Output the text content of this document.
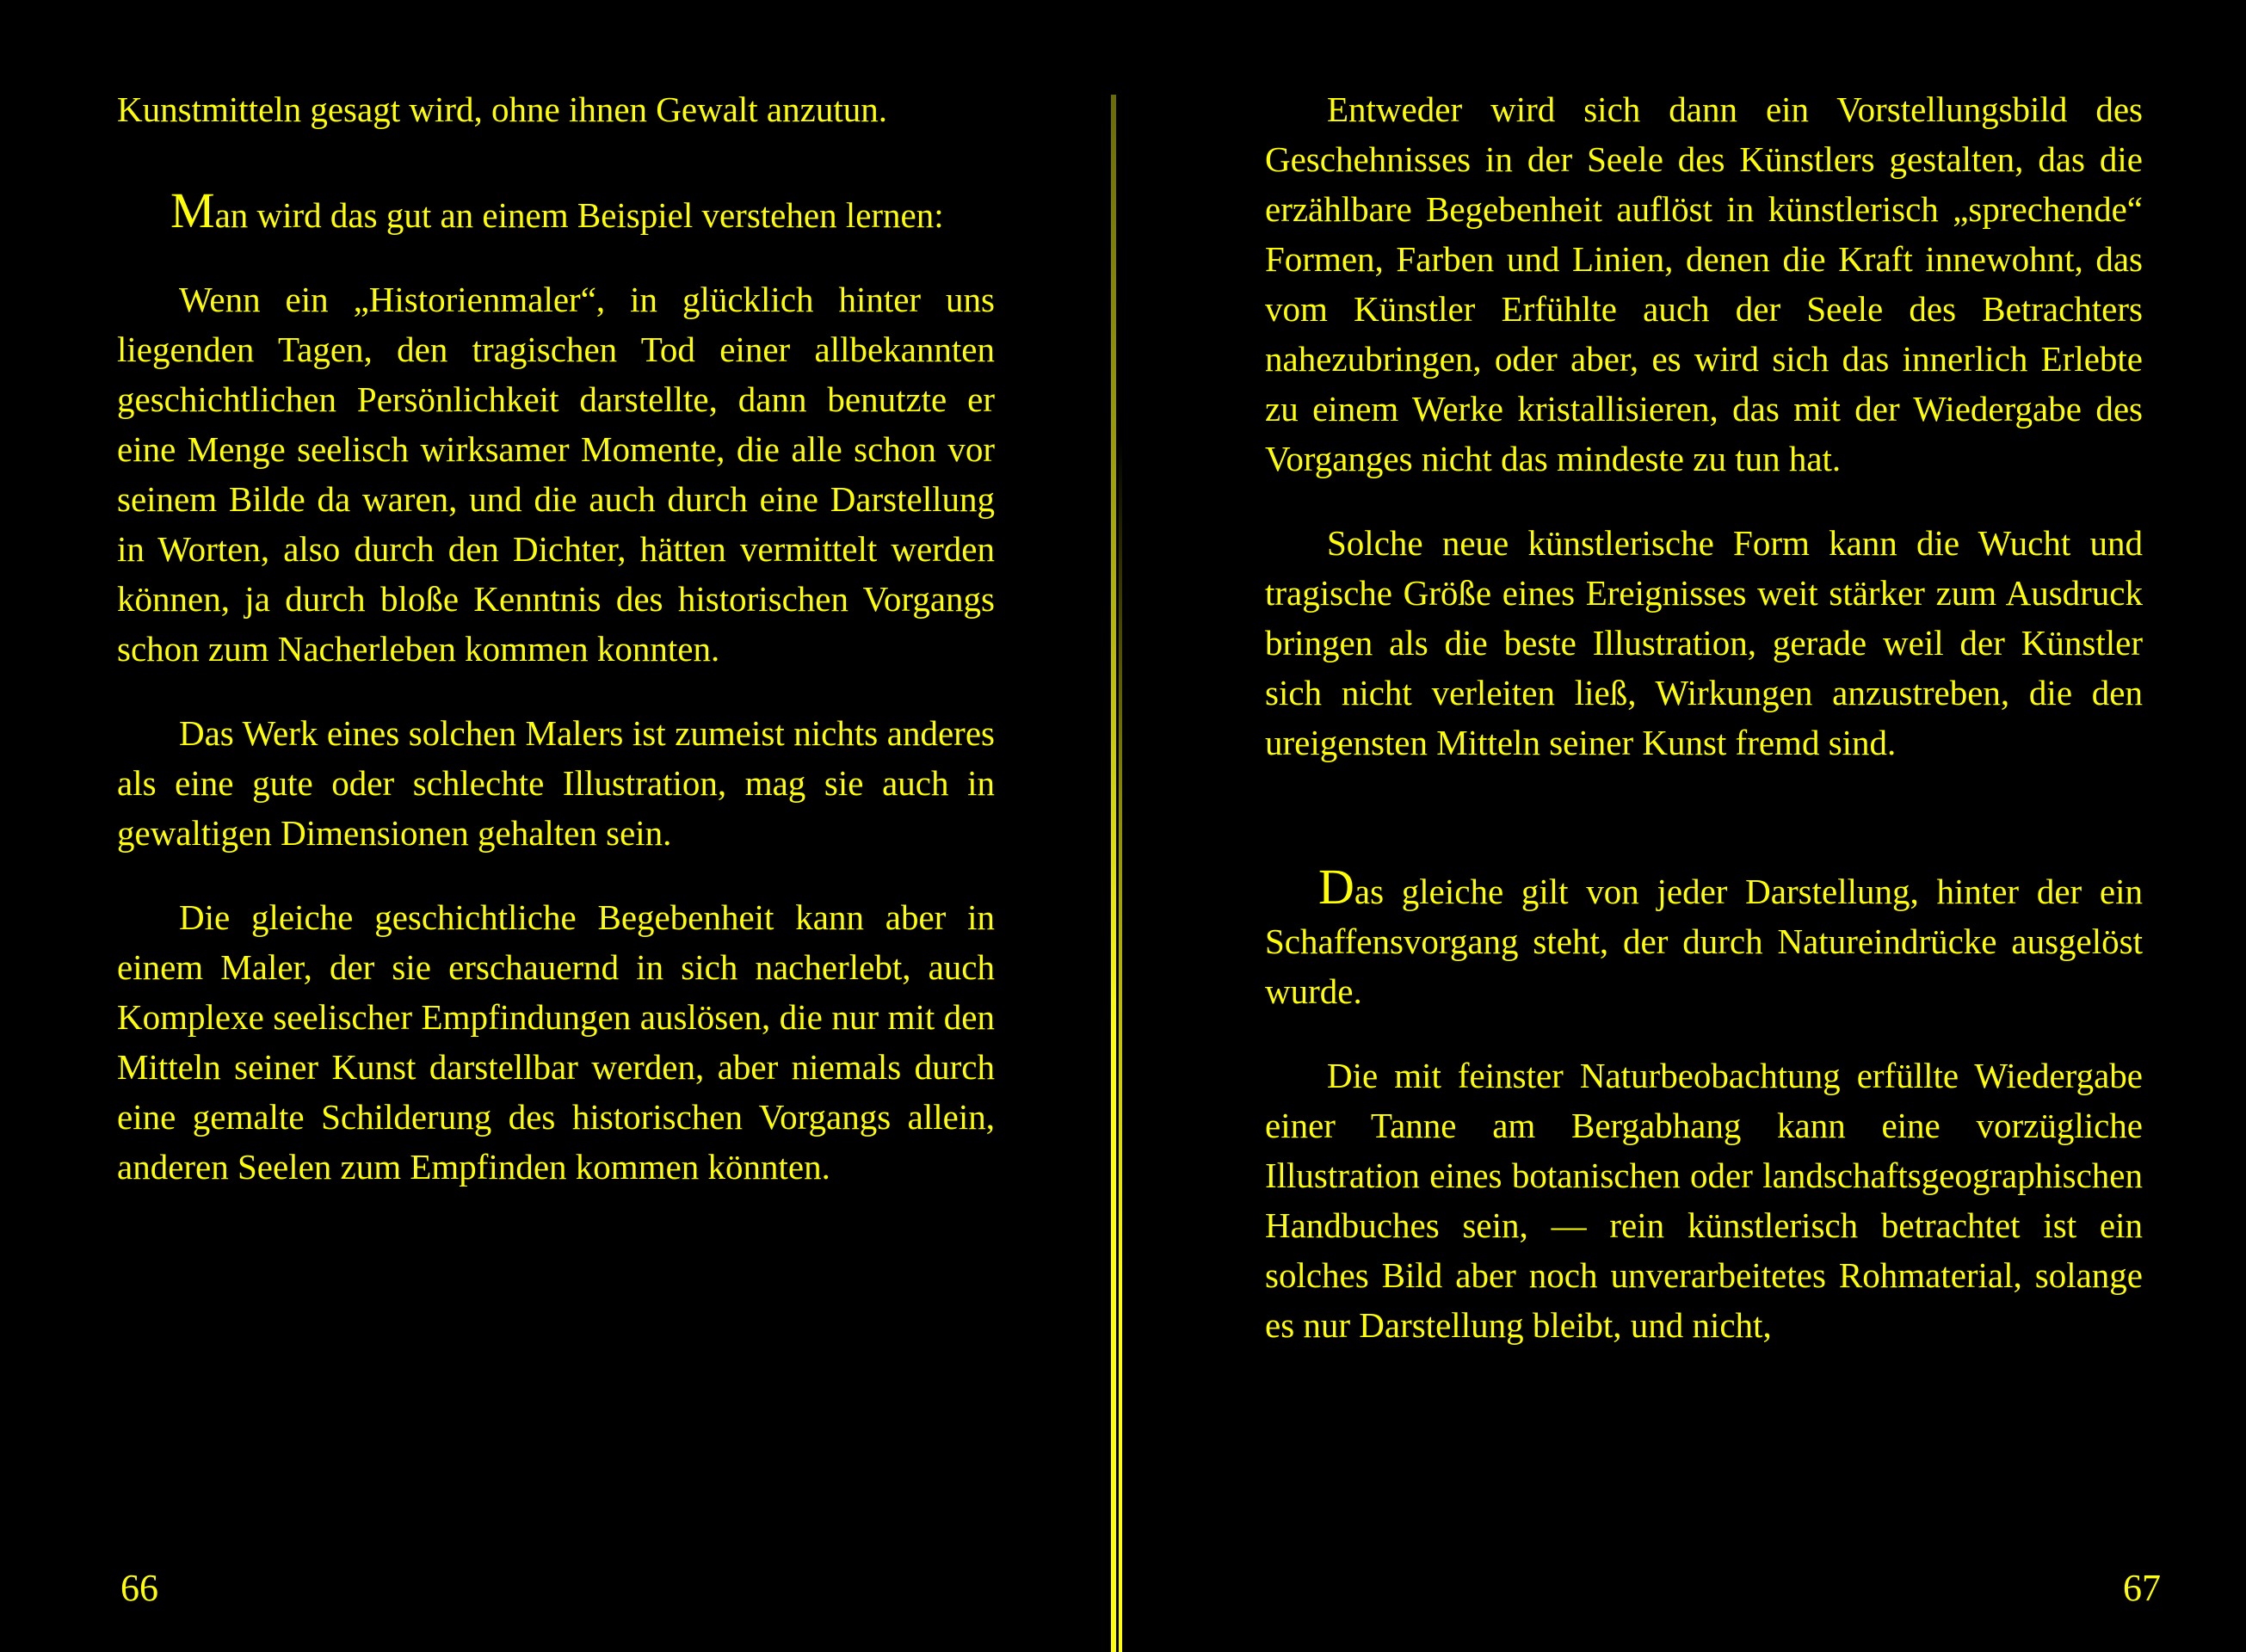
Kunstmitteln gesagt wird, ohne ihnen Gewalt anzutun.

Man wird das gut an einem Beispiel verstehen lernen:

Wenn ein „Historienmaler“, in glücklich hinter uns liegenden Tagen, den tragischen Tod einer allbekannten geschichtlichen Persönlichkeit darstellte, dann benutzte er eine Menge seelisch wirksamer Momente, die alle schon vor seinem Bilde da waren, und die auch durch eine Darstellung in Worten, also durch den Dichter, hätten vermittelt werden können, ja durch bloße Kenntnis des historischen Vorgangs schon zum Nacherleben kommen konnten.

Das Werk eines solchen Malers ist zumeist nichts anderes als eine gute oder schlechte Illustration, mag sie auch in gewaltigen Dimensionen gehalten sein.

Die gleiche geschichtliche Begebenheit kann aber in einem Maler, der sie erschauernd in sich nacherlebt, auch Komplexe seelischer Empfindungen auslösen, die nur mit den Mitteln seiner Kunst darstellbar werden, aber niemals durch eine gemalte Schilderung des historischen Vorgangs allein, anderen Seelen zum Empfinden kommen könnten.

66

Entweder wird sich dann ein Vorstellungsbild des Geschehnisses in der Seele des Künstlers gestalten, das die erzählbare Begebenheit auflöst in künstlerisch „sprechende“ Formen, Farben und Linien, denen die Kraft innewohnt, das vom Künstler Erfühlte auch der Seele des Betrachters nahezubringen, oder aber, es wird sich das innerlich Erlebte zu einem Werke kristallisieren, das mit der Wiedergabe des Vorganges nicht das mindeste zu tun hat.

Solche neue künstlerische Form kann die Wucht und tragische Größe eines Ereignisses weit stärker zum Ausdruck bringen als die beste Illustration, gerade weil der Künstler sich nicht verleiten ließ, Wirkungen anzustreben, die den ureigensten Mitteln seiner Kunst fremd sind.

Das gleiche gilt von jeder Darstellung, hinter der ein Schaffensvorgang steht, der durch Natureindrücke ausgelöst wurde.

Die mit feinster Naturbeobachtung erfüllte Wiedergabe einer Tanne am Bergabhang kann eine vorzügliche Illustration eines botanischen oder landschaftsgeographischen Handbuches sein, — rein künstlerisch betrachtet ist ein solches Bild aber noch unverarbeitetes Rohmaterial, solange es nur Darstellung bleibt, und nicht,

67
